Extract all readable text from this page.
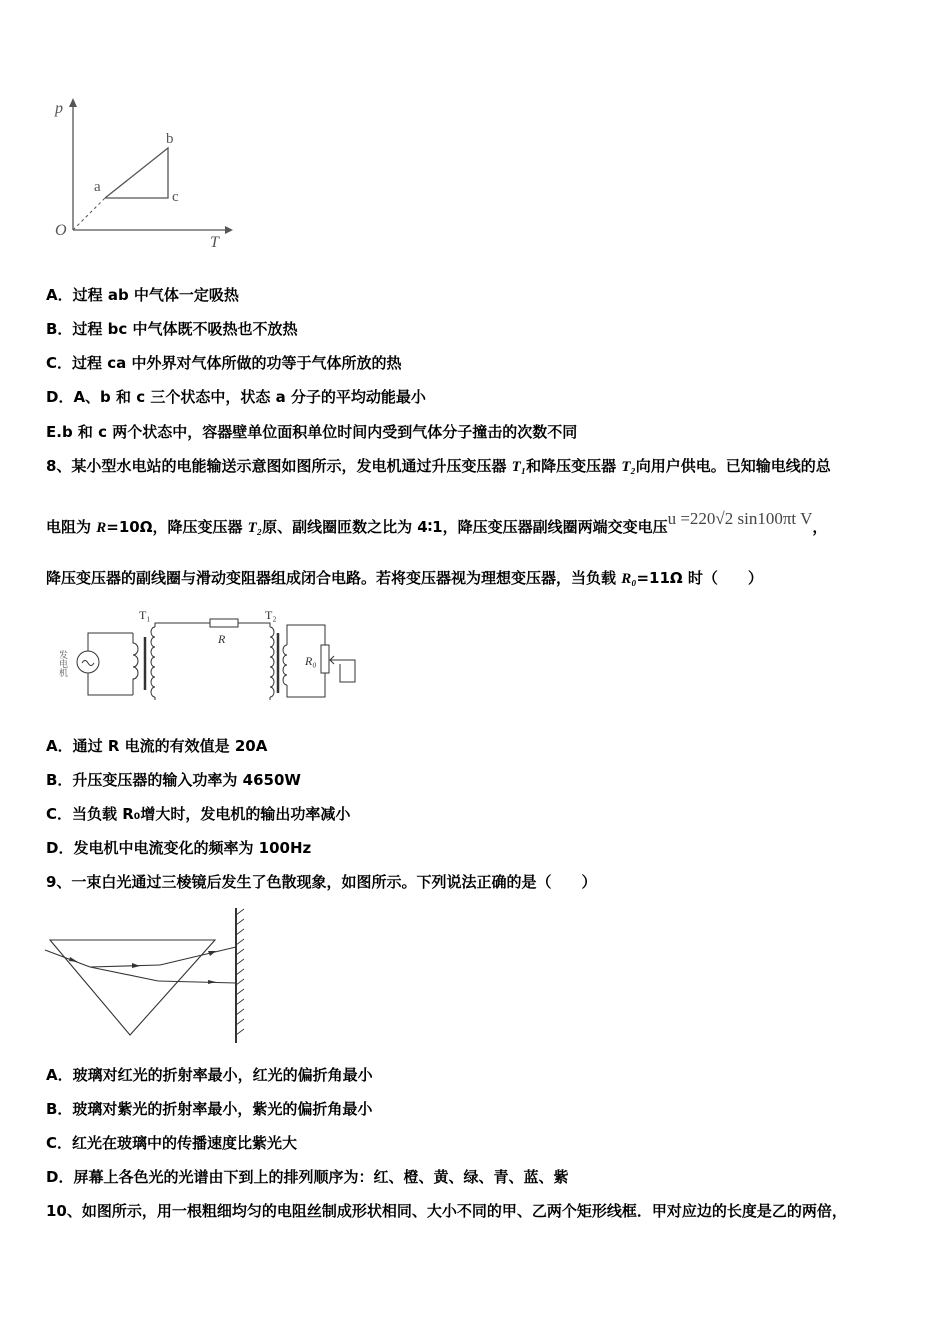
p
T
O
a
b
c
A．过程 ab 中气体一定吸热
B．过程 bc 中气体既不吸热也不放热
C．过程 ca 中外界对气体所做的功等于气体所放的热
D．A、b 和 c 三个状态中，状态 a 分子的平均动能最小
E.b 和 c 两个状态中，容器壁单位面积单位时间内受到气体分子撞击的次数不同
8、某小型水电站的电能输送示意图如图所示，发电机通过升压变压器 T₁和降压变压器 T₂向用户供电。已知输电线的总
电阻为 R=10Ω，降压变压器 T₂原、副线圈匝数之比为 4∶1，降压变压器副线圈两端交变电压u =220√2 sin100πt V，
降压变压器的副线圈与滑动变阻器组成闭合电路。若将变压器视为理想变压器，当负载 R₀=11Ω 时（　　）
发电机
T₁	T₂
R
R₀
A．通过 R 电流的有效值是 20A
B．升压变压器的输入功率为 4650W
C．当负载 R₀增大时，发电机的输出功率减小
D．发电机中电流变化的频率为 100Hz
9、一束白光通过三棱镜后发生了色散现象，如图所示。下列说法正确的是（　　）
A．玻璃对红光的折射率最小，红光的偏折角最小
B．玻璃对紫光的折射率最小，紫光的偏折角最小
C．红光在玻璃中的传播速度比紫光大
D．屏幕上各色光的光谱由下到上的排列顺序为：红、橙、黄、绿、青、蓝、紫
10、如图所示，用一根粗细均匀的电阻丝制成形状相同、大小不同的甲、乙两个矩形线框．甲对应边的长度是乙的两倍，
